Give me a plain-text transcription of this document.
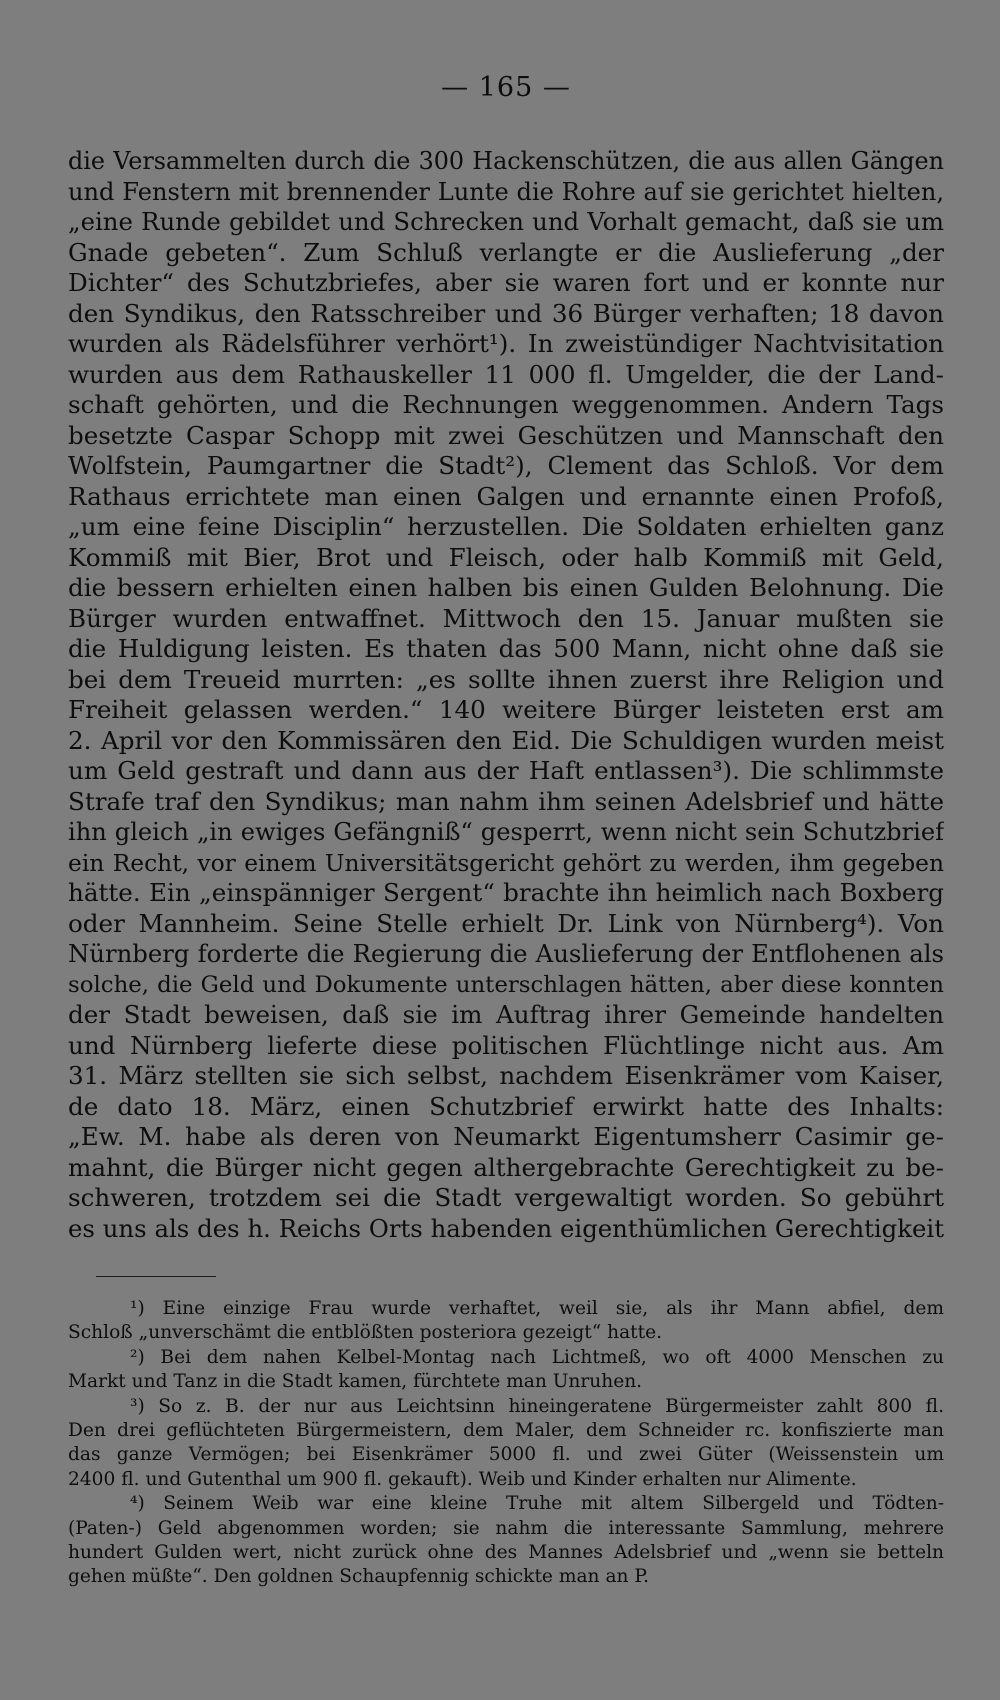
— 165 —
die Versammelten durch die 300 Hackenschützen, die aus allen Gängen
und Fenstern mit brennender Lunte die Rohre auf sie gerichtet hielten,
„eine Runde gebildet und Schrecken und Vorhalt gemacht, daß sie um
Gnade gebeten“. Zum Schluß verlangte er die Auslieferung „der
Dichter“ des Schutzbriefes, aber sie waren fort und er konnte nur
den Syndikus, den Ratsschreiber und 36 Bürger verhaften; 18 davon
wurden als Rädelsführer verhört¹). In zweistündiger Nachtvisitation
wurden aus dem Rathauskeller 11 000 fl. Umgelder, die der Land-
schaft gehörten, und die Rechnungen weggenommen. Andern Tags
besetzte Caspar Schopp mit zwei Geschützen und Mannschaft den
Wolfstein, Paumgartner die Stadt²), Clement das Schloß. Vor dem
Rathaus errichtete man einen Galgen und ernannte einen Profoß,
„um eine feine Disciplin“ herzustellen. Die Soldaten erhielten ganz
Kommiß mit Bier, Brot und Fleisch, oder halb Kommiß mit Geld,
die bessern erhielten einen halben bis einen Gulden Belohnung. Die
Bürger wurden entwaffnet. Mittwoch den 15. Januar mußten sie
die Huldigung leisten. Es thaten das 500 Mann, nicht ohne daß sie
bei dem Treueid murrten: „es sollte ihnen zuerst ihre Religion und
Freiheit gelassen werden.“ 140 weitere Bürger leisteten erst am
2. April vor den Kommissären den Eid. Die Schuldigen wurden meist
um Geld gestraft und dann aus der Haft entlassen³). Die schlimmste
Strafe traf den Syndikus; man nahm ihm seinen Adelsbrief und hätte
ihn gleich „in ewiges Gefängniß“ gesperrt, wenn nicht sein Schutzbrief
ein Recht, vor einem Universitätsgericht gehört zu werden, ihm gegeben
hätte. Ein „einspänniger Sergent“ brachte ihn heimlich nach Boxberg
oder Mannheim. Seine Stelle erhielt Dr. Link von Nürnberg⁴). Von
Nürnberg forderte die Regierung die Auslieferung der Entflohenen als
solche, die Geld und Dokumente unterschlagen hätten, aber diese konnten
der Stadt beweisen, daß sie im Auftrag ihrer Gemeinde handelten
und Nürnberg lieferte diese politischen Flüchtlinge nicht aus. Am
31. März stellten sie sich selbst, nachdem Eisenkrämer vom Kaiser,
de dato 18. März, einen Schutzbrief erwirkt hatte des Inhalts:
„Ew. M. habe als deren von Neumarkt Eigentumsherr Casimir ge-
mahnt, die Bürger nicht gegen althergebrachte Gerechtigkeit zu be-
schweren, trotzdem sei die Stadt vergewaltigt worden. So gebührt
es uns als des h. Reichs Orts habenden eigenthümlichen Gerechtigkeit
¹) Eine einzige Frau wurde verhaftet, weil sie, als ihr Mann abfiel, dem
Schloß „unverschämt die entblößten posteriora gezeigt“ hatte.
²) Bei dem nahen Kelbel-Montag nach Lichtmeß, wo oft 4000 Menschen zu
Markt und Tanz in die Stadt kamen, fürchtete man Unruhen.
³) So z. B. der nur aus Leichtsinn hineingeratene Bürgermeister zahlt 800 fl.
Den drei geflüchteten Bürgermeistern, dem Maler, dem Schneider rc. konfiszierte man
das ganze Vermögen; bei Eisenkrämer 5000 fl. und zwei Güter (Weissenstein um
2400 fl. und Gutenthal um 900 fl. gekauft). Weib und Kinder erhalten nur Alimente.
⁴) Seinem Weib war eine kleine Truhe mit altem Silbergeld und Tödten-
(Paten-) Geld abgenommen worden; sie nahm die interessante Sammlung, mehrere
hundert Gulden wert, nicht zurück ohne des Mannes Adelsbrief und „wenn sie betteln
gehen müßte“. Den goldnen Schaupfennig schickte man an P.
